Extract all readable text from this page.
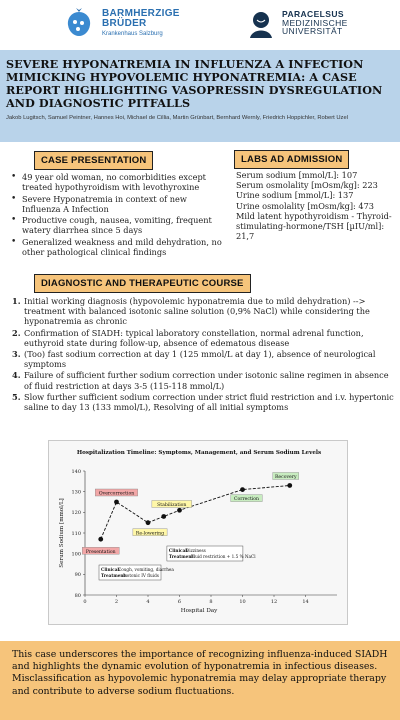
BARMHERZIGE
BRÜDER
Krankenhaus Salzburg
PARACELSUS
MEDIZINISCHE
UNIVERSITÄT
SEVERE HYPONATREMIA IN INFLUENZA A INFECTION MIMICKING HYPOVOLEMIC HYPONATREMIA: A CASE REPORT HIGHLIGHTING VASOPRESSIN DYSREGULATION AND DIAGNOSTIC PITFALLS
Jakob Lugitsch, Samuel Peintner, Hannes Hoi, Michael de Cillia, Martin Grünbart, Bernhard Wernly, Friedrich Hoppichler, Robert Uzel
CASE PRESENTATION
• 49 year old woman, no comorbidities except treated hypothyroidism with levothyroxine
• Severe Hyponatremia in context of new Influenza A Infection
• Productive cough, nausea, vomiting, frequent watery diarrhea since 5 days
• Generalized weakness and mild dehydration, no other pathological clinical findings
LABS AD ADMISSION
Serum sodium [mmol/L]: 107
Serum osmolality [mOsm/kg]: 223
Urine sodium [mmol/L]: 137
Urine osmolality [mOsm/kg]: 473
Mild latent hypothyroidism - Thyroid-stimulating-hormone/TSH [µIU/ml]: 21,7
DIAGNOSTIC AND THERAPEUTIC COURSE
1. Initial working diagnosis (hypovolemic hyponatremia due to mild dehydration) --> treatment with balanced isotonic saline solution (0,9% NaCl) while considering the hyponatremia as chronic
2. Confirmation of SIADH: typical laboratory constellation, normal adrenal function, euthyroid state during follow-up, absence of edematous disease
3. (Too) fast sodium correction at day 1 (125 mmol/L at day 1), absence of neurological symptoms
4. Failure of sufficient further sodium correction under isotonic saline regimen in absence of fluid restriction at days 3-5 (115-118 mmol/L)
5. Slow further sufficient sodium correction under strict fluid restriction and i.v. hypertonic saline to day 13 (133 mmol/L), Resolving of all initial symptoms
Hospitalization Timeline: Symptoms, Management, and Serum Sodium Levels
80
90
100
110
120
130
140
0	2	4	6	8	10	12	14
Hospital Day
Serum Sodium [mmol/L]	Presentation
Overcorrection
Re-lowering
Stabilization
Correction
Recovery
Clinical:
Cough, vomiting, diarrhea
Treatment:
Isotonic IV fluids
Clinical:
Dizziness
Treatment:
Fluid restriction + 1.5 % NaCl
This case underscores the importance of recognizing influenza-induced SIADH and highlights the dynamic evolution of hyponatremia in infectious diseases. Misclassification as hypovolemic hyponatremia may delay appropriate therapy and contribute to adverse sodium fluctuations.
